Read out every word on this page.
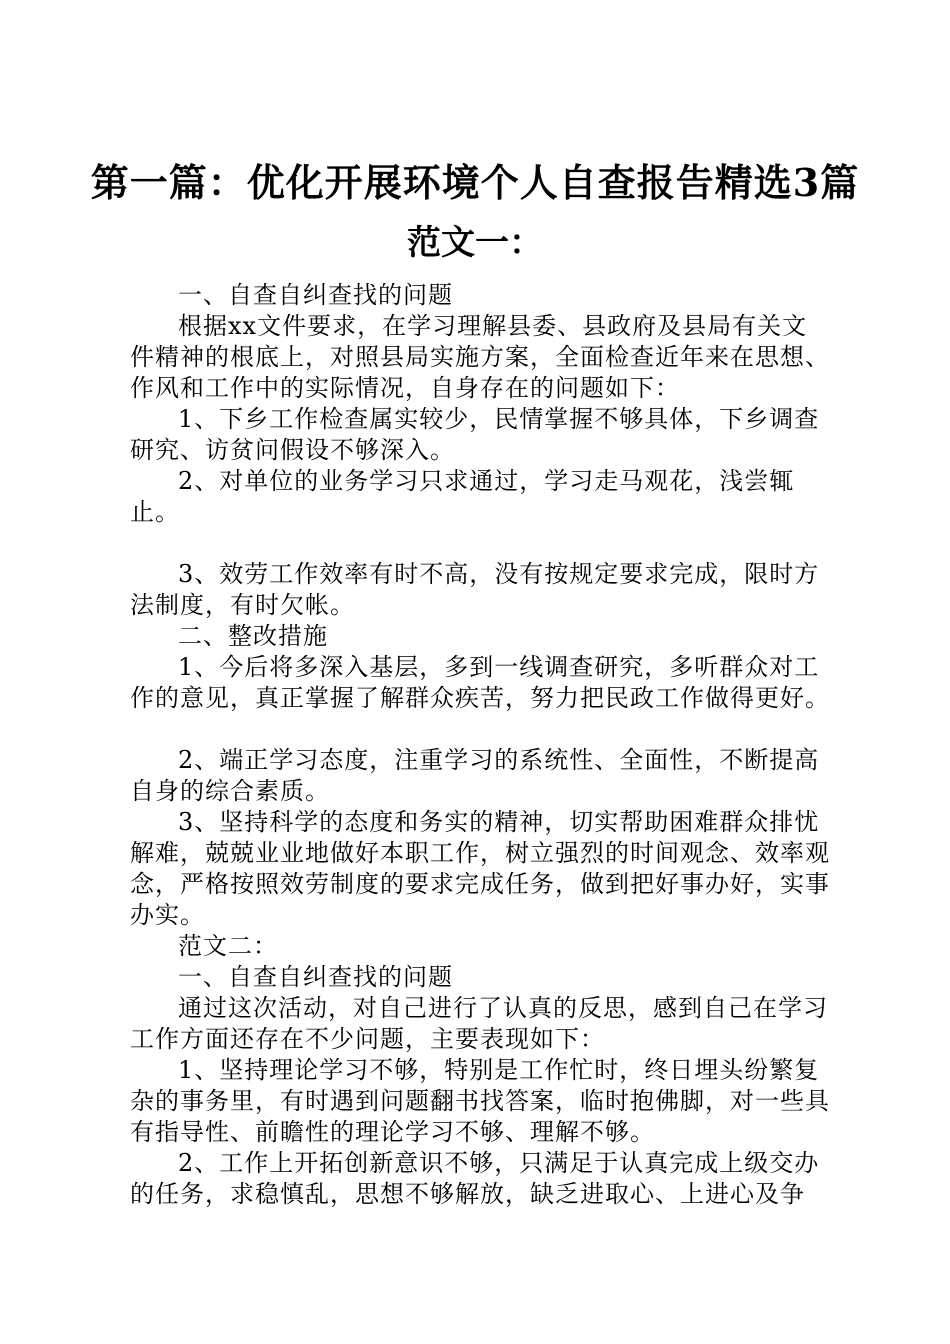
第一篇：优化开展环境个人自查报告精选3篇
范文一：

一、自查自纠查找的问题

根据xx文件要求，在学习理解县委、县政府及县局有关文件精神的根底上，对照县局实施方案，全面检查近年来在思想、作风和工作中的实际情况，自身存在的问题如下：

1、下乡工作检查属实较少，民情掌握不够具体，下乡调查研究、访贫问假设不够深入。

2、对单位的业务学习只求通过，学习走马观花，浅尝辄止。

3、效劳工作效率有时不高，没有按规定要求完成，限时方法制度，有时欠帐。

二、整改措施

1、今后将多深入基层，多到一线调查研究，多听群众对工作的意见，真正掌握了解群众疾苦，努力把民政工作做得更好。

2、端正学习态度，注重学习的系统性、全面性，不断提高自身的综合素质。

3、坚持科学的态度和务实的精神，切实帮助困难群众排忧解难，兢兢业业地做好本职工作，树立强烈的时间观念、效率观念，严格按照效劳制度的要求完成任务，做到把好事办好，实事办实。

范文二：

一、自查自纠查找的问题

通过这次活动，对自己进行了认真的反思，感到自己在学习工作方面还存在不少问题，主要表现如下：

1、坚持理论学习不够，特别是工作忙时，终日埋头纷繁复杂的事务里，有时遇到问题翻书找答案，临时抱佛脚，对一些具有指导性、前瞻性的理论学习不够、理解不够。

2、工作上开拓创新意识不够，只满足于认真完成上级交办的任务，求稳慎乱，思想不够解放，缺乏进取心、上进心及争
